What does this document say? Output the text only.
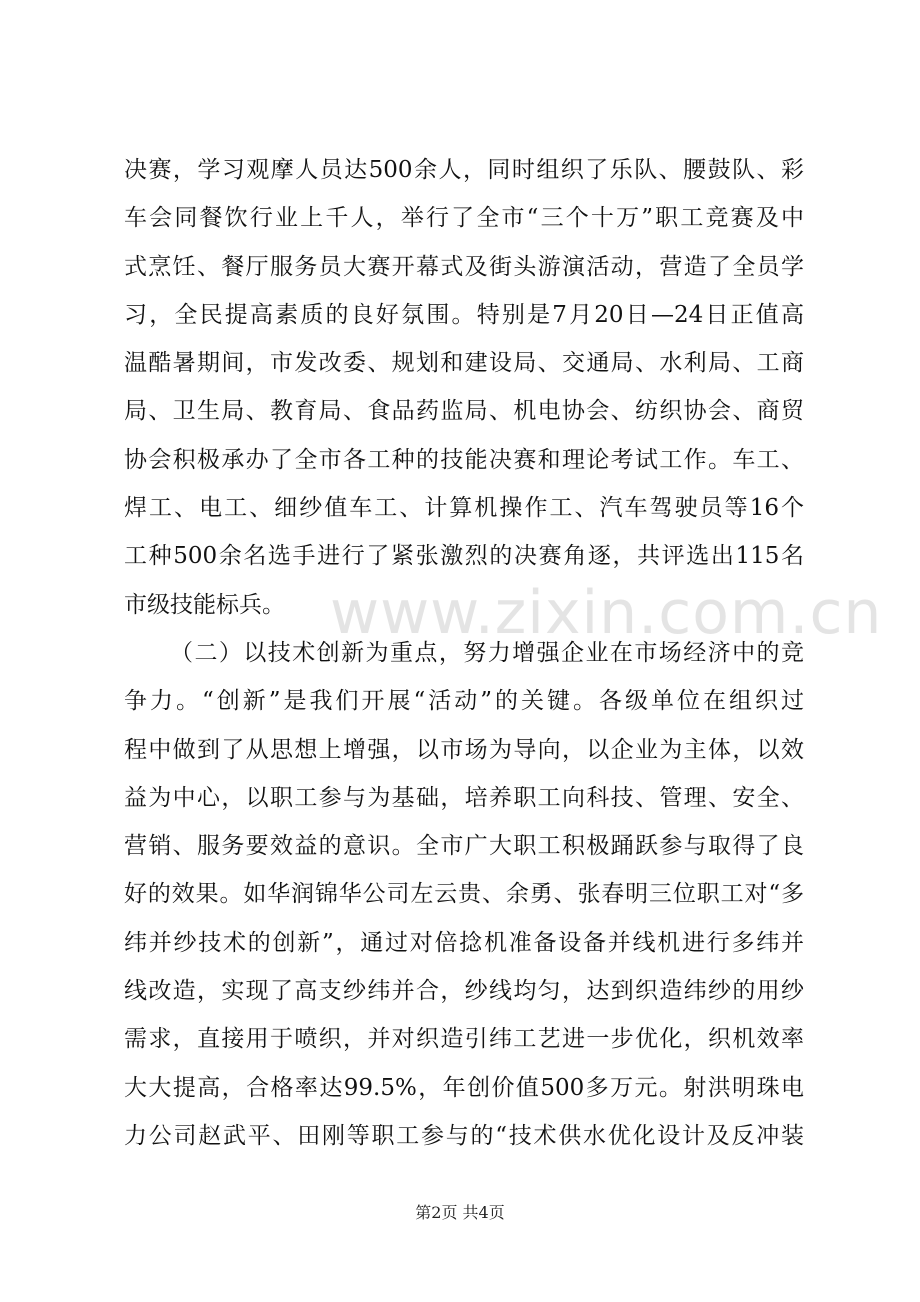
决赛，学习观摩人员达500余人，同时组织了乐队、腰鼓队、彩
车会同餐饮行业上千人，举行了全市“三个十万”职工竞赛及中
式烹饪、餐厅服务员大赛开幕式及街头游演活动，营造了全员学
习，全民提高素质的良好氛围。特别是7月20日—24日正值高
温酷暑期间，市发改委、规划和建设局、交通局、水利局、工商
局、卫生局、教育局、食品药监局、机电协会、纺织协会、商贸
协会积极承办了全市各工种的技能决赛和理论考试工作。车工、
焊工、电工、细纱值车工、计算机操作工、汽车驾驶员等16个
工种500余名选手进行了紧张激烈的决赛角逐，共评选出115名
市级技能标兵。
（二）以技术创新为重点，努力增强企业在市场经济中的竞
争力。“创新”是我们开展“活动”的关键。各级单位在组织过
程中做到了从思想上增强，以市场为导向，以企业为主体，以效
益为中心，以职工参与为基础，培养职工向科技、管理、安全、
营销、服务要效益的意识。全市广大职工积极踊跃参与取得了良
好的效果。如华润锦华公司左云贵、余勇、张春明三位职工对“多
纬并纱技术的创新”，通过对倍捻机准备设备并线机进行多纬并
线改造，实现了高支纱纬并合，纱线均匀，达到织造纬纱的用纱
需求，直接用于喷织，并对织造引纬工艺进一步优化，织机效率
大大提高，合格率达99.5%，年创价值500多万元。射洪明珠电
力公司赵武平、田刚等职工参与的“技术供水优化设计及反冲装
www.zixin.com.cn
第2页 共4页
